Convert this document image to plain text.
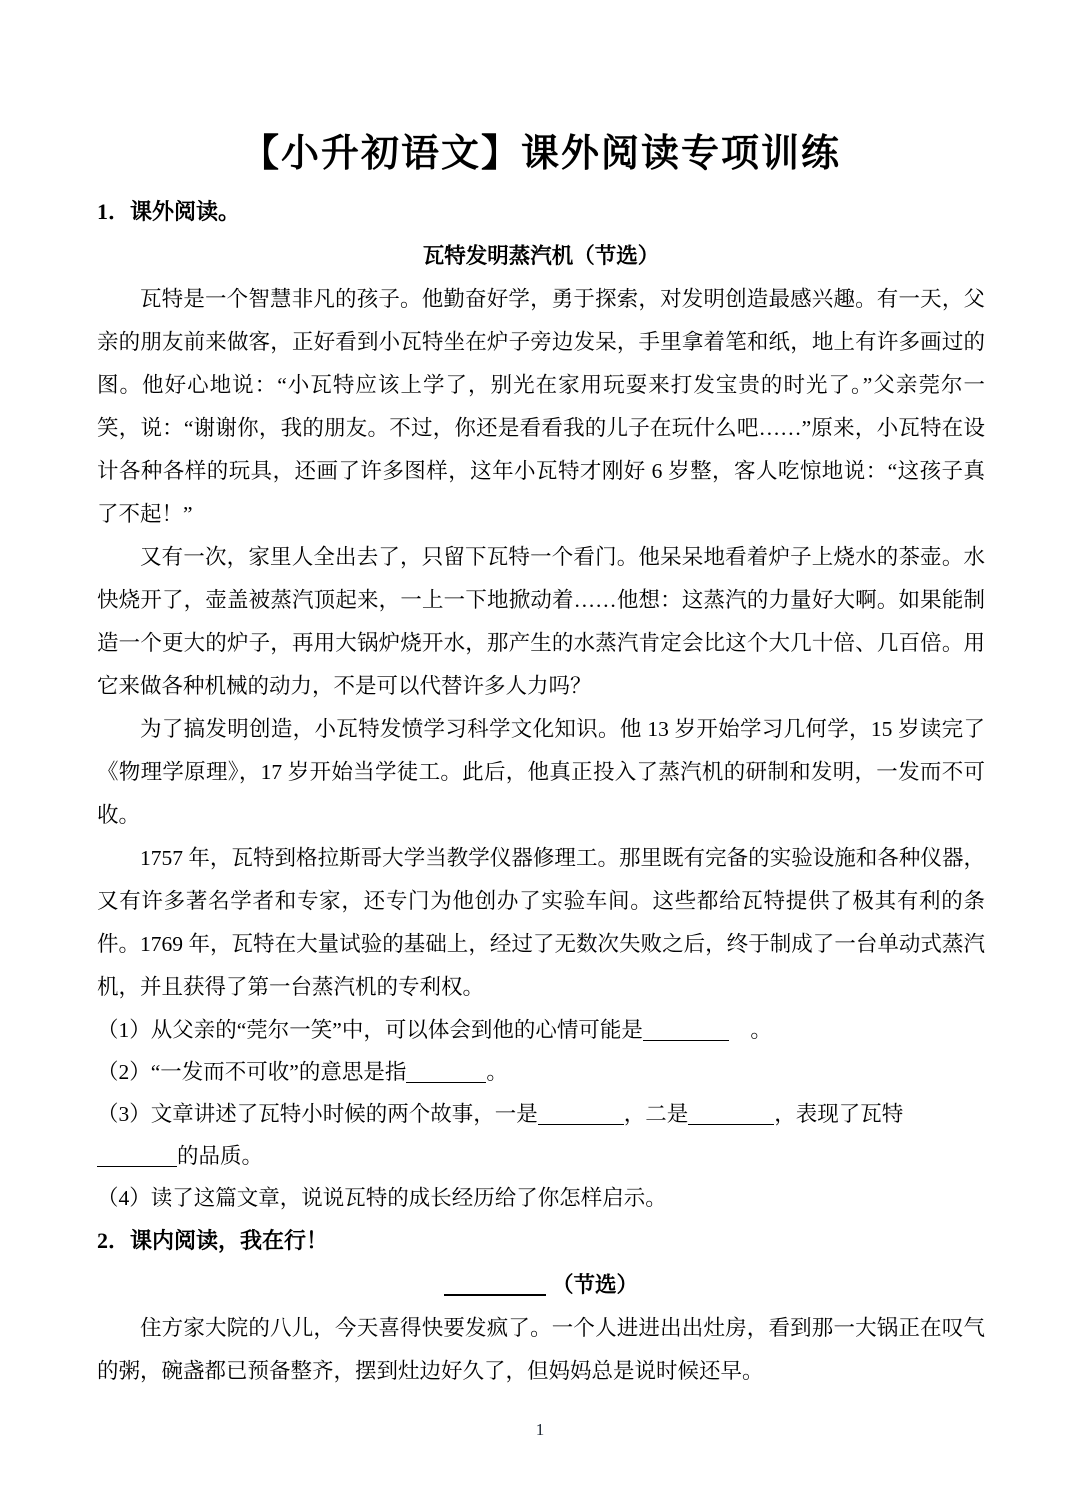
【小升初语文】课外阅读专项训练
1．课外阅读。
瓦特发明蒸汽机（节选）

瓦特是一个智慧非凡的孩子。他勤奋好学，勇于探索，对发明创造最感兴趣。有一天，父亲的朋友前来做客，正好看到小瓦特坐在炉子旁边发呆，手里拿着笔和纸，地上有许多画过的图。他好心地说：“小瓦特应该上学了，别光在家用玩耍来打发宝贵的时光了。”父亲莞尔一笑，说：“谢谢你，我的朋友。不过，你还是看看我的儿子在玩什么吧……”原来，小瓦特在设计各种各样的玩具，还画了许多图样，这年小瓦特才刚好 6 岁整，客人吃惊地说：“这孩子真了不起！”

又有一次，家里人全出去了，只留下瓦特一个看门。他呆呆地看着炉子上烧水的茶壶。水快烧开了，壶盖被蒸汽顶起来，一上一下地掀动着……他想：这蒸汽的力量好大啊。如果能制造一个更大的炉子，再用大锅炉烧开水，那产生的水蒸汽肯定会比这个大几十倍、几百倍。用它来做各种机械的动力，不是可以代替许多人力吗？

为了搞发明创造，小瓦特发愤学习科学文化知识。他 13 岁开始学习几何学，15 岁读完了《物理学原理》，17 岁开始当学徒工。此后，他真正投入了蒸汽机的研制和发明，一发而不可收。

1757 年，瓦特到格拉斯哥大学当教学仪器修理工。那里既有完备的实验设施和各种仪器，又有许多著名学者和专家，还专门为他创办了实验车间。这些都给瓦特提供了极其有利的条件。1769 年，瓦特在大量试验的基础上，经过了无数次失败之后，终于制成了一台单动式蒸汽机，并且获得了第一台蒸汽机的专利权。

（1）从父亲的“莞尔一笑”中，可以体会到他的心情可能是	　。
（2）“一发而不可收”的意思是指	。
（3）文章讲述了瓦特小时候的两个故事，一是	，二是	，表现了瓦特
的品质。
（4）读了这篇文章，说说瓦特的成长经历给了你怎样启示。
2．课内阅读，我在行！
（节选）

住方家大院的八儿，今天喜得快要发疯了。一个人进进出出灶房，看到那一大锅正在叹气的粥，碗盏都已预备整齐，摆到灶边好久了，但妈妈总是说时候还早。

1
